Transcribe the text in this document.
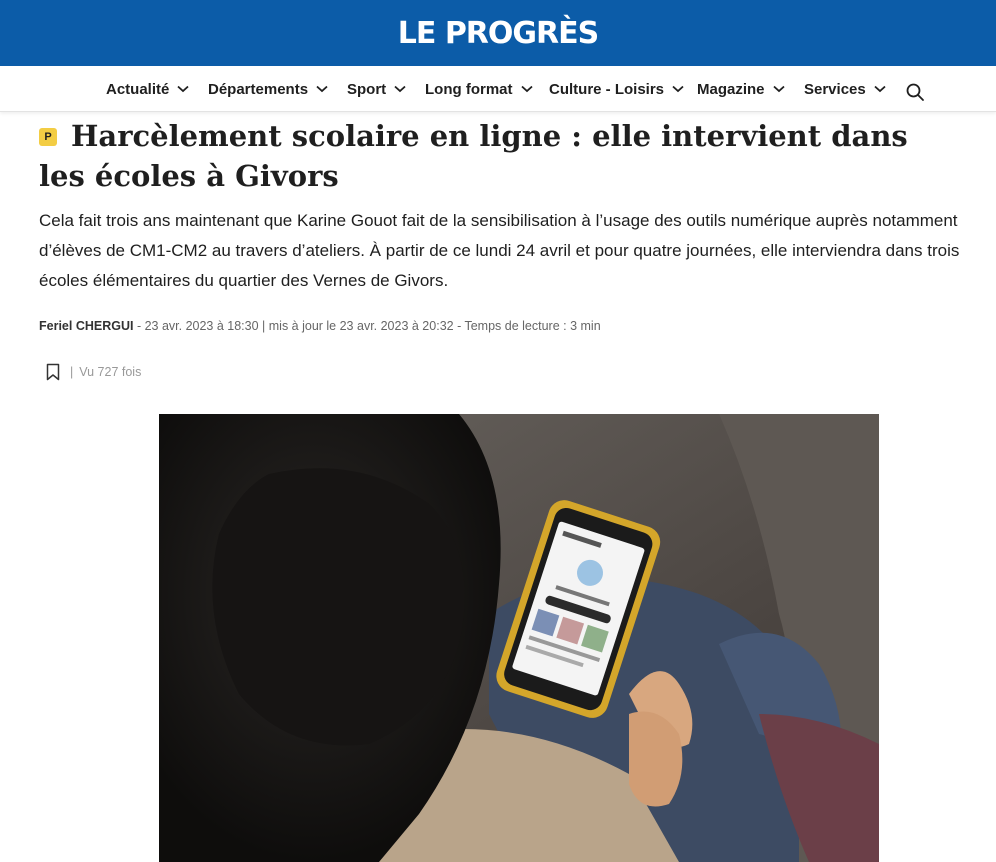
LE PROGRÈS
Actualité	Départements	Sport	Long format Culture - Loisirs Magazine	Services
P Harcèlement scolaire en ligne : elle intervient dans les écoles à Givors

Cela fait trois ans maintenant que Karine Gouot fait de la sensibilisation à l’usage des outils numérique auprès notamment d’élèves de CM1-CM2 au travers d’ateliers. À partir de ce lundi 24 avril et pour quatre journées, elle interviendra dans trois écoles élémentaires du quartier des Vernes de Givors.

Feriel CHERGUI - 23 avr. 2023 à 18:30 | mis à jour le 23 avr. 2023 à 20:32 - Temps de lecture : 3 min
| Vu 727 fois
